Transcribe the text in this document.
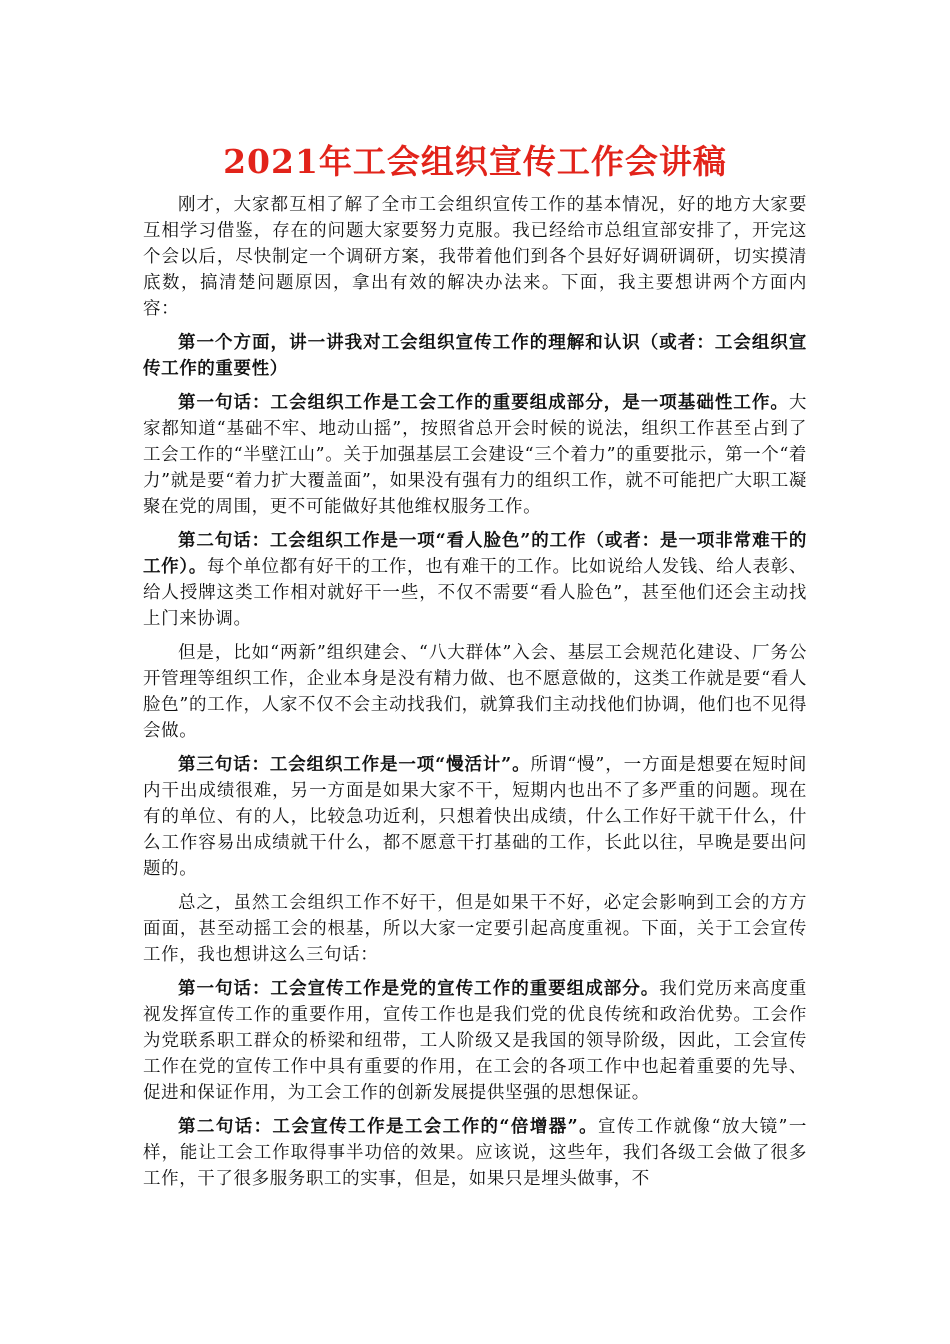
2021年工会组织宣传工作会讲稿

刚才，大家都互相了解了全市工会组织宣传工作的基本情况，好的地方大家要互相学习借鉴，存在的问题大家要努力克服。我已经给市总组宣部安排了，开完这个会以后，尽快制定一个调研方案，我带着他们到各个县好好调研调研，切实摸清底数，搞清楚问题原因，拿出有效的解决办法来。下面，我主要想讲两个方面内容：

第一个方面，讲一讲我对工会组织宣传工作的理解和认识（或者：工会组织宣传工作的重要性）

第一句话：工会组织工作是工会工作的重要组成部分，是一项基础性工作。大家都知道“基础不牢、地动山摇”，按照省总开会时候的说法，组织工作甚至占到了工会工作的“半壁江山”。关于加强基层工会建设“三个着力”的重要批示，第一个“着力”就是要“着力扩大覆盖面”，如果没有强有力的组织工作，就不可能把广大职工凝聚在党的周围，更不可能做好其他维权服务工作。

第二句话：工会组织工作是一项“看人脸色”的工作（或者：是一项非常难干的工作）。每个单位都有好干的工作，也有难干的工作。比如说给人发钱、给人表彰、给人授牌这类工作相对就好干一些，不仅不需要“看人脸色”，甚至他们还会主动找上门来协调。

但是，比如“两新”组织建会、“八大群体”入会、基层工会规范化建设、厂务公开管理等组织工作，企业本身是没有精力做、也不愿意做的，这类工作就是要“看人脸色”的工作，人家不仅不会主动找我们，就算我们主动找他们协调，他们也不见得会做。

第三句话：工会组织工作是一项“慢活计”。所谓“慢”，一方面是想要在短时间内干出成绩很难，另一方面是如果大家不干，短期内也出不了多严重的问题。现在有的单位、有的人，比较急功近利，只想着快出成绩，什么工作好干就干什么，什么工作容易出成绩就干什么，都不愿意干打基础的工作，长此以往，早晚是要出问题的。

总之，虽然工会组织工作不好干，但是如果干不好，必定会影响到工会的方方面面，甚至动摇工会的根基，所以大家一定要引起高度重视。下面，关于工会宣传工作，我也想讲这么三句话：

第一句话：工会宣传工作是党的宣传工作的重要组成部分。我们党历来高度重视发挥宣传工作的重要作用，宣传工作也是我们党的优良传统和政治优势。工会作为党联系职工群众的桥梁和纽带，工人阶级又是我国的领导阶级，因此，工会宣传工作在党的宣传工作中具有重要的作用，在工会的各项工作中也起着重要的先导、促进和保证作用，为工会工作的创新发展提供坚强的思想保证。

第二句话：工会宣传工作是工会工作的“倍增器”。宣传工作就像“放大镜”一样，能让工会工作取得事半功倍的效果。应该说，这些年，我们各级工会做了很多工作，干了很多服务职工的实事，但是，如果只是埋头做事，不
